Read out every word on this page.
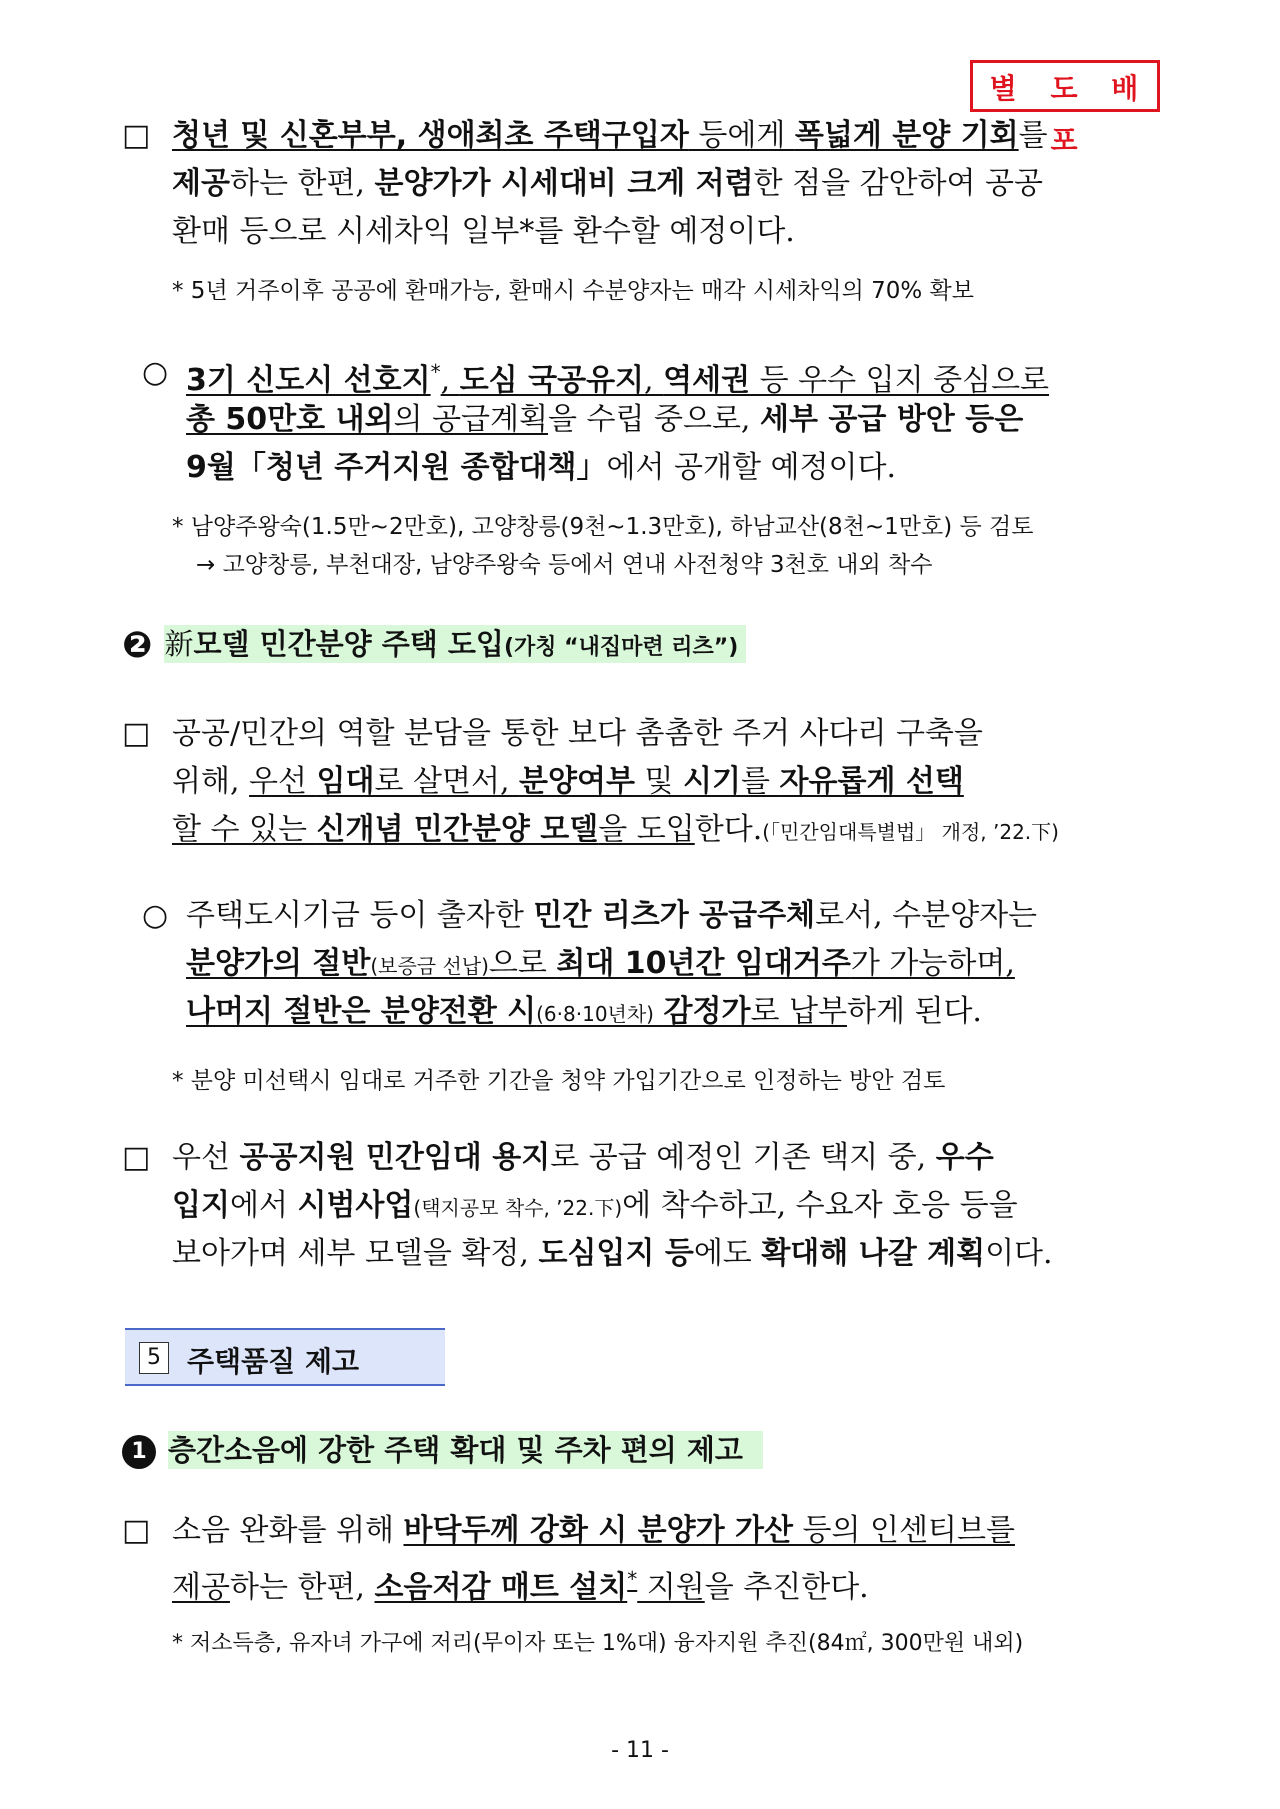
별 도 배 포
□ 청년 및 신혼부부, 생애최초 주택구입자 등에게 폭넓게 분양 기회를
제공하는 한편, 분양가가 시세대비 크게 저렴한 점을 감안하여 공공
환매 등으로 시세차익 일부*를 환수할 예정이다.
* 5년 거주이후 공공에 환매가능, 환매시 수분양자는 매각 시세차익의 70% 확보
○ 3기 신도시 선호지*, 도심 국공유지, 역세권 등 우수 입지 중심으로
총 50만호 내외의 공급계획을 수립 중으로, 세부 공급 방안 등은
9월「청년 주거지원 종합대책」에서 공개할 예정이다.
* 남양주왕숙(1.5만~2만호), 고양창릉(9천~1.3만호), 하남교산(8천~1만호) 등 검토
→ 고양창릉, 부천대장, 남양주왕숙 등에서 연내 사전청약 3천호 내외 착수
❷ 新모델 민간분양 주택 도입(가칭 “내집마련 리츠”)
□ 공공/민간의 역할 분담을 통한 보다 촘촘한 주거 사다리 구축을
위해, 우선 임대로 살면서, 분양여부 및 시기를 자유롭게 선택
할 수 있는 신개념 민간분양 모델을 도입한다.(「민간임대특별법」 개정, ’22.下)
○ 주택도시기금 등이 출자한 민간 리츠가 공급주체로서, 수분양자는
분양가의 절반(보증금 선납)으로 최대 10년간 임대거주가 가능하며,
나머지 절반은 분양전환 시(6·8·10년차) 감정가로 납부하게 된다.
* 분양 미선택시 임대로 거주한 기간을 청약 가입기간으로 인정하는 방안 검토
□ 우선 공공지원 민간임대 용지로 공급 예정인 기존 택지 중, 우수
입지에서 시범사업(택지공모 착수, ’22.下)에 착수하고, 수요자 호응 등을
보아가며 세부 모델을 확정, 도심입지 등에도 확대해 나갈 계획이다.
5 주택품질 제고
1 층간소음에 강한 주택 확대 및 주차 편의 제고
□ 소음 완화를 위해 바닥두께 강화 시 분양가 가산 등의 인센티브를
제공하는 한편, 소음저감 매트 설치* 지원을 추진한다.
* 저소득층, 유자녀 가구에 저리(무이자 또는 1%대) 융자지원 추진(84㎡, 300만원 내외)
- 11 -
